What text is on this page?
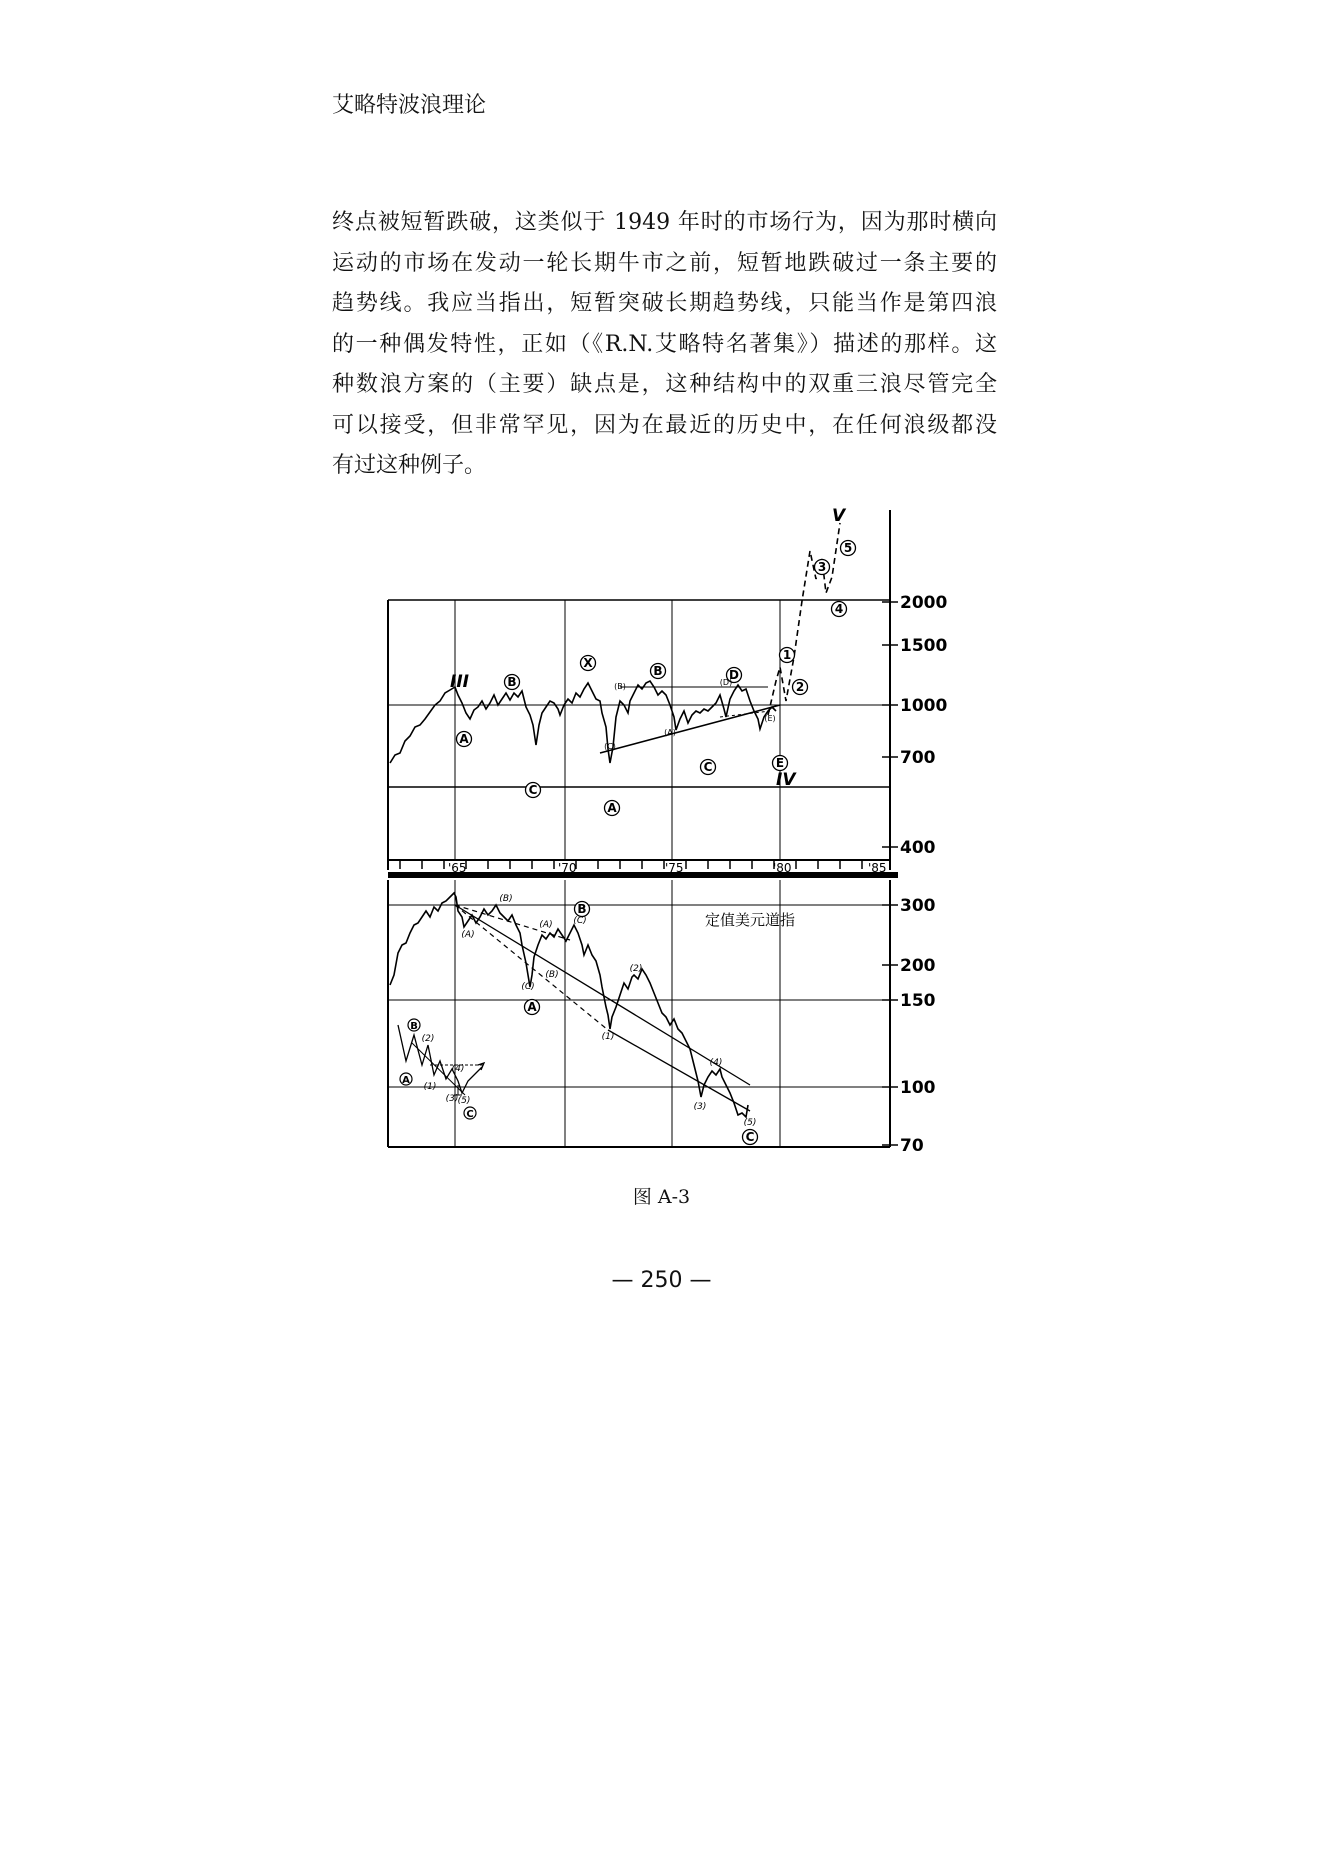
艾略特波浪理论

终点被短暂跌破，这类似于 1949 年时的市场行为，因为那时横向

运动的市场在发动一轮长期牛市之前，短暂地跌破过一条主要的

趋势线。我应当指出，短暂突破长期趋势线，只能当作是第四浪

的一种偶发特性，正如（《R.N.艾略特名著集》）描述的那样。这

种数浪方案的（主要）缺点是，这种结构中的双重三浪尽管完全

可以接受，但非常罕见，因为在最近的历史中，在任何浪级都没

有过这种例子。

2000
1500
1000
700
400
300
200
150
100
70
'65	'70	'75	'80	'85
III
IV
V
A
B
C
X
B
A
C
D
E
1
2
3
4
5
(C)
(B)
(A)
(D)
(E)
定值美元道指
B
A
C
C
B
A
(B)
(A)
(A)
(B)
(C)
(C)
(1)
(2)
(3)
(4)
(5)
(1)
(2)
(3)
(4)
(5)
图 A-3
— 250 —
